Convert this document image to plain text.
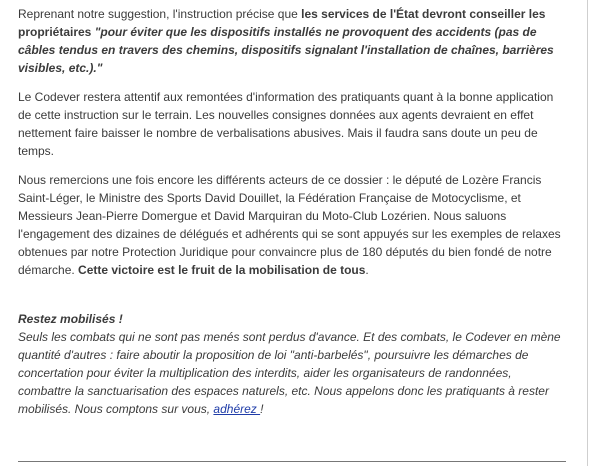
Reprenant notre suggestion, l'instruction précise que les services de l'État devront conseiller les propriétaires "pour éviter que les dispositifs installés ne provoquent des accidents (pas de câbles tendus en travers des chemins, dispositifs signalant l'installation de chaînes, barrières visibles, etc.)."

Le Codever restera attentif aux remontées d'information des pratiquants quant à la bonne application de cette instruction sur le terrain. Les nouvelles consignes données aux agents devraient en effet nettement faire baisser le nombre de verbalisations abusives. Mais il faudra sans doute un peu de temps.

Nous remercions une fois encore les différents acteurs de ce dossier : le député de Lozère Francis Saint-Léger, le Ministre des Sports David Douillet, la Fédération Française de Motocyclisme, et Messieurs Jean-Pierre Domergue et David Marquiran du Moto-Club Lozérien. Nous saluons l'engagement des dizaines de délégués et adhérents qui se sont appuyés sur les exemples de relaxes obtenues par notre Protection Juridique pour convaincre plus de 180 députés du bien fondé de notre démarche. Cette victoire est le fruit de la mobilisation de tous.

Restez mobilisés !
Seuls les combats qui ne sont pas menés sont perdus d'avance. Et des combats, le Codever en mène quantité d'autres : faire aboutir la proposition de loi "anti-barbelés", poursuivre les démarches de concertation pour éviter la multiplication des interdits, aider les organisateurs de randonnées, combattre la sanctuarisation des espaces naturels, etc. Nous appelons donc les pratiquants à rester mobilisés. Nous comptons sur vous, adhérez !
